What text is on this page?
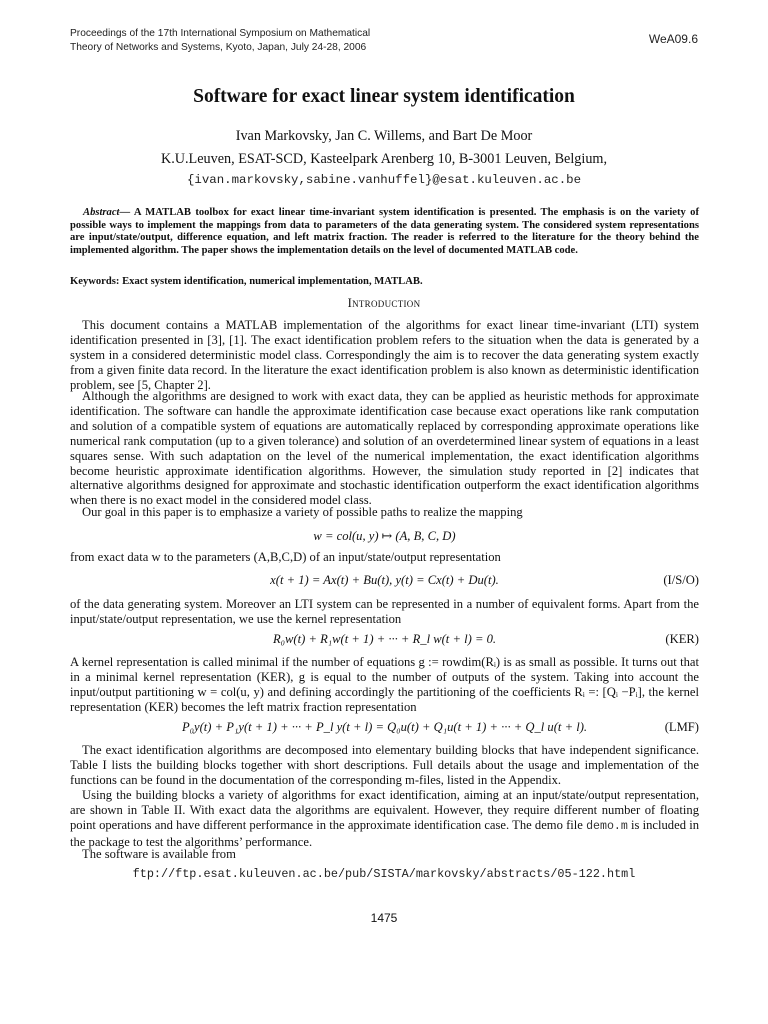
Proceedings of the 17th International Symposium on Mathematical
Theory of Networks and Systems, Kyoto, Japan, July 24-28, 2006
WeA09.6
Software for exact linear system identification
Ivan Markovsky, Jan C. Willems, and Bart De Moor
K.U.Leuven, ESAT-SCD, Kasteelpark Arenberg 10, B-3001 Leuven, Belgium,
{ivan.markovsky,sabine.vanhuffel}@esat.kuleuven.ac.be
Abstract— A MATLAB toolbox for exact linear time-invariant system identification is presented. The emphasis is on the variety of possible ways to implement the mappings from data to parameters of the data generating system. The considered system representations are input/state/output, difference equation, and left matrix fraction. The reader is referred to the literature for the theory behind the implemented algorithm. The paper shows the implementation details on the level of documented MATLAB code.
Keywords: Exact system identification, numerical implementation, MATLAB.
Introduction

This document contains a MATLAB implementation of the algorithms for exact linear time-invariant (LTI) system identification presented in [3], [1]. The exact identification problem refers to the situation when the data is generated by a system in a considered deterministic model class. Correspondingly the aim is to recover the data generating system exactly from a given finite data record. In the literature the exact identification problem is also known as deterministic identification problem, see [5, Chapter 2].

Although the algorithms are designed to work with exact data, they can be applied as heuristic methods for approximate identification. The software can handle the approximate identification case because exact operations like rank computation and solution of a compatible system of equations are automatically replaced by corresponding approximate operations like numerical rank computation (up to a given tolerance) and solution of an overdetermined linear system of equations in a least squares sense. With such adaptation on the level of the numerical implementation, the exact identification algorithms become heuristic approximate identification algorithms. However, the simulation study reported in [2] indicates that alternative algorithms designed for approximate and stochastic identification outperform the exact identification algorithms when there is no exact model in the considered model class.

Our goal in this paper is to emphasize a variety of possible paths to realize the mapping

w = col(u, y) ↦ (A, B, C, D)

from exact data w to the parameters (A,B,C,D) of an input/state/output representation

x(t + 1) = Ax(t) + Bu(t), y(t) = Cx(t) + Du(t).	(I/S/O)

of the data generating system. Moreover an LTI system can be represented in a number of equivalent forms. Apart from the input/state/output representation, we use the kernel representation

R₀w(t) + R₁w(t + 1) + ··· + R_l w(t + l) = 0.	(KER)

A kernel representation is called minimal if the number of equations g := rowdim(Rᵢ) is as small as possible. It turns out that in a minimal kernel representation (KER), g is equal to the number of outputs of the system. Taking into account the input/output partitioning w = col(u, y) and defining accordingly the partitioning of the coefficients Rᵢ =: [Qᵢ −Pᵢ], the kernel representation (KER) becomes the left matrix fraction representation

P₀y(t) + P₁y(t + 1) + ··· + P_l y(t + l) = Q₀u(t) + Q₁u(t + 1) + ··· + Q_l u(t + l).	(LMF)

The exact identification algorithms are decomposed into elementary building blocks that have independent significance. Table I lists the building blocks together with short descriptions. Full details about the usage and implementation of the functions can be found in the documentation of the corresponding m-files, listed in the Appendix.

Using the building blocks a variety of algorithms for exact identification, aiming at an input/state/output representation, are shown in Table II. With exact data the algorithms are equivalent. However, they require different number of floating point operations and have different performance in the approximate identification case. The demo file demo.m is included in the package to test the algorithms’ performance.

The software is available from

ftp://ftp.esat.kuleuven.ac.be/pub/SISTA/markovsky/abstracts/05-122.html
1475
